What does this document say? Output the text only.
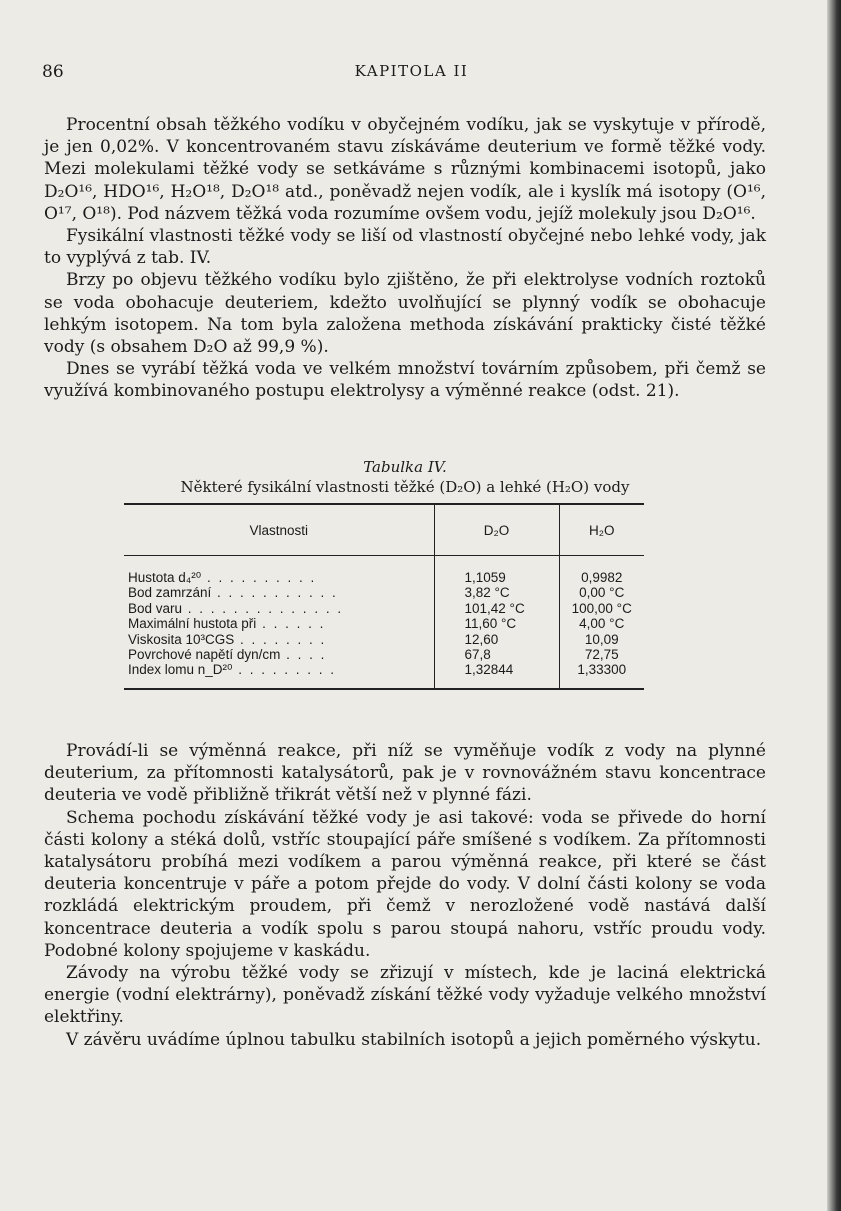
86	KAPITOLA II

Procentní obsah těžkého vodíku v obyčejném vodíku, jak se vyskytuje v přírodě, je jen 0,02%. V koncentrovaném stavu získáváme deuterium ve formě těžké vody. Mezi molekulami těžké vody se setkáváme s různými kombinacemi isotopů, jako D₂O¹⁶, HDO¹⁶, H₂O¹⁸, D₂O¹⁸ atd., poněvadž nejen vodík, ale i kyslík má isotopy (O¹⁶, O¹⁷, O¹⁸). Pod názvem těžká voda rozumíme ovšem vodu, jejíž molekuly jsou D₂O¹⁶.

Fysikální vlastnosti těžké vody se liší od vlastností obyčejné nebo lehké vody, jak to vyplývá z tab. IV.

Brzy po objevu těžkého vodíku bylo zjištěno, že při elektrolyse vodních roztoků se voda obohacuje deuteriem, kdežto uvolňující se plynný vodík se obohacuje lehkým isotopem. Na tom byla založena methoda získávání prakticky čisté těžké vody (s obsahem D₂O až 99,9 %).

Dnes se vyrábí těžká voda ve velkém množství továrním způsobem, při čemž se využívá kombinovaného postupu elektrolysy a výměnné reakce (odst. 21).

Tabulka IV.
Některé fysikální vlastnosti těžké (D₂O) a lehké (H₂O) vody
Vlastnosti	D₂O	H₂O
Hustota d₄²⁰ . . . . . . . . . .	1,1059	0,9982
Bod zamrzání . . . . . . . . . . .	3,82 °C	0,00 °C
Bod varu . . . . . . . . . . . . . .	101,42 °C	100,00 °C
Maximální hustota při . . . . . .	11,60 °C	4,00 °C
Viskosita 10³CGS . . . . . . . .	12,60	10,09
Povrchové napětí dyn/cm . . . .	67,8	72,75
Index lomu n_D²⁰ . . . . . . . . .	1,32844	1,33300

Provádí-li se výměnná reakce, při níž se vyměňuje vodík z vody na plynné deuterium, za přítomnosti katalysátorů, pak je v rovnovážném stavu koncentrace deuteria ve vodě přibližně třikrát větší než v plynné fázi.

Schema pochodu získávání těžké vody je asi takové: voda se přivede do horní části kolony a stéká dolů, vstříc stoupající páře smíšené s vodíkem. Za přítomnosti katalysátoru probíhá mezi vodíkem a parou výměnná reakce, při které se část deuteria koncentruje v páře a potom přejde do vody. V dolní části kolony se voda rozkládá elektrickým proudem, při čemž v nerozložené vodě nastává další koncentrace deuteria a vodík spolu s parou stoupá nahoru, vstříc proudu vody. Podobné kolony spojujeme v kaskádu.

Závody na výrobu těžké vody se zřizují v místech, kde je laciná elektrická energie (vodní elektrárny), poněvadž získání těžké vody vyžaduje velkého množství elektřiny.

V závěru uvádíme úplnou tabulku stabilních isotopů a jejich poměrného výskytu.
